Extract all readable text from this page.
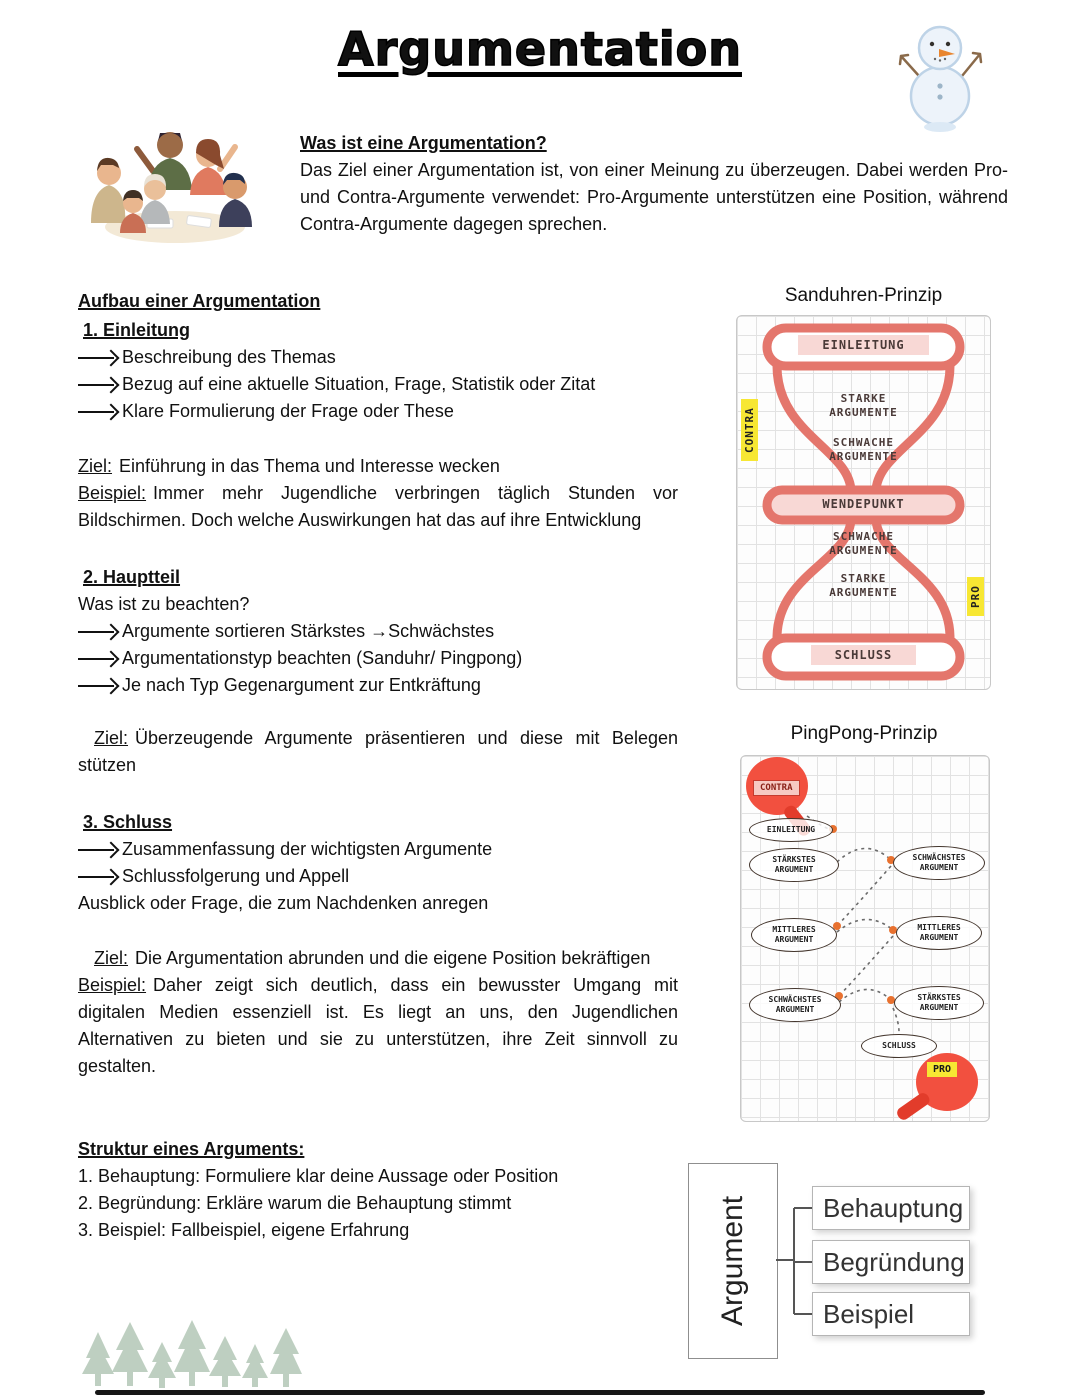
Argumentation
Was ist eine Argumentation?
Das Ziel einer Argumentation ist, von einer Meinung zu überzeugen. Dabei werden Pro- und Contra-Argumente verwendet: Pro-Argumente unterstützen eine Position, während Contra-Argumente dagegen sprechen.
Aufbau einer Argumentation
1. Einleitung
Beschreibung des Themas
Bezug auf eine aktuelle Situation, Frage, Statistik oder Zitat
Klare Formulierung der Frage oder These
Ziel: Einführung in das Thema und Interesse wecken
Beispiel: Immer mehr Jugendliche verbringen täglich Stunden vor Bildschirmen. Doch welche Auswirkungen hat das auf ihre Entwicklung
2. Hauptteil
Was ist zu beachten?
Argumente sortieren Stärkstes →Schwächstes
Argumentationstyp beachten (Sanduhr/ Pingpong)
Je nach Typ Gegenargument zur Entkräftung
Ziel: Überzeugende Argumente präsentieren und diese mit Belegen stützen
3. Schluss
Zusammenfassung der wichtigsten Argumente
Schlussfolgerung und Appell
Ausblick oder Frage, die zum Nachdenken anregen
Ziel: Die Argumentation abrunden und die eigene Position bekräftigen
Beispiel: Daher zeigt sich deutlich, dass ein bewusster Umgang mit digitalen Medien essenziell ist. Es liegt an uns, den Jugendlichen Alternativen zu bieten und sie zu unterstützen, ihre Zeit sinnvoll zu gestalten.
Struktur eines Arguments:
1. Behauptung: Formuliere klar deine Aussage oder Position
2. Begründung: Erkläre warum die Behauptung stimmt
3. Beispiel: Fallbeispiel, eigene Erfahrung
Sanduhren-Prinzip
EINLEITUNG
STARKE ARGUMENTE
SCHWACHE ARGUMENTE
WENDEPUNKT
SCHWACHE ARGUMENTE
STARKE ARGUMENTE
SCHLUSS
CONTRA
PRO
PingPong-Prinzip
CONTRA
EINLEITUNG
STÄRKSTES ARGUMENT
SCHWÄCHSTES ARGUMENT
MITTLERES ARGUMENT
MITTLERES ARGUMENT
SCHWÄCHSTES ARGUMENT
STÄRKSTES ARGUMENT
SCHLUSS
PRO
Argument	Behauptung
Begründung
Beispiel
